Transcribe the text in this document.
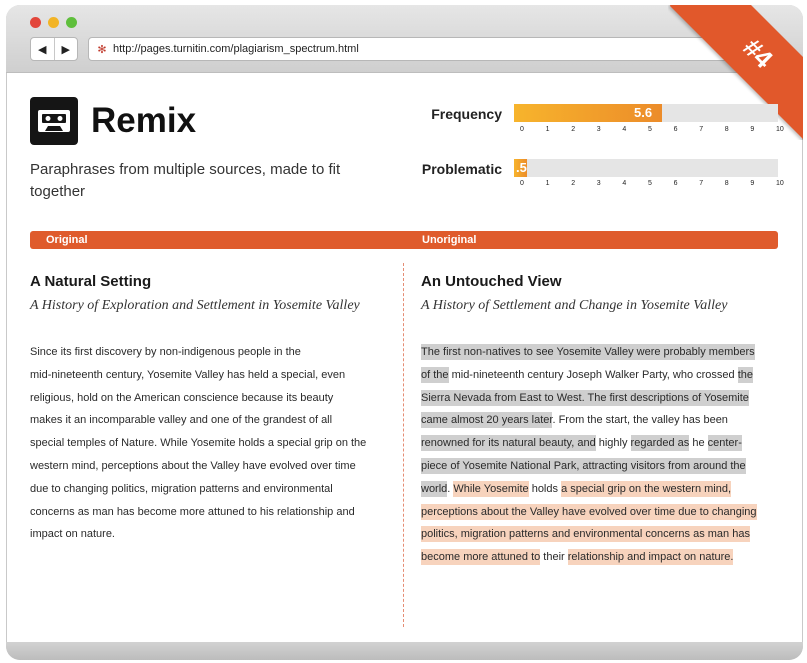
◀ ▶ ✻ http://pages.turnitin.com/plagiarism_spectrum.html	#4
Remix
Paraphrases from multiple sources, made to fit together
Frequency	5.6
0	1	2	3	4	5	6	7	8	9	10
Problematic .5
0	1	2	3	4	5	6	7	8	9	10
Original	Unoriginal
A Natural Setting
A History of Exploration and Settlement in Yosemite Valley
Since its first discovery by non-indigenous people in the
mid-nineteenth century, Yosemite Valley has held a special, even
religious, hold on the American conscience because its beauty
makes it an incomparable valley and one of the grandest of all
special temples of Nature. While Yosemite holds a special grip on the
western mind, perceptions about the Valley have evolved over time
due to changing politics, migration patterns and environmental
concerns as man has become more attuned to his relationship and
impact on nature.
An Untouched View
A History of Settlement and Change in Yosemite Valley
The first non-natives to see Yosemite Valley were probably members
of the mid-nineteenth century Joseph Walker Party, who crossed the
Sierra Nevada from East to West. The first descriptions of Yosemite
came almost 20 years later. From the start, the valley has been
renowned for its natural beauty, and highly regarded as he center-
piece of Yosemite National Park, attracting visitors from around the
world. While Yosemite holds a special grip on the western mind,
perceptions about the Valley have evolved over time due to changing
politics, migration patterns and environmental concerns as man has
become more attuned to their relationship and impact on nature.
